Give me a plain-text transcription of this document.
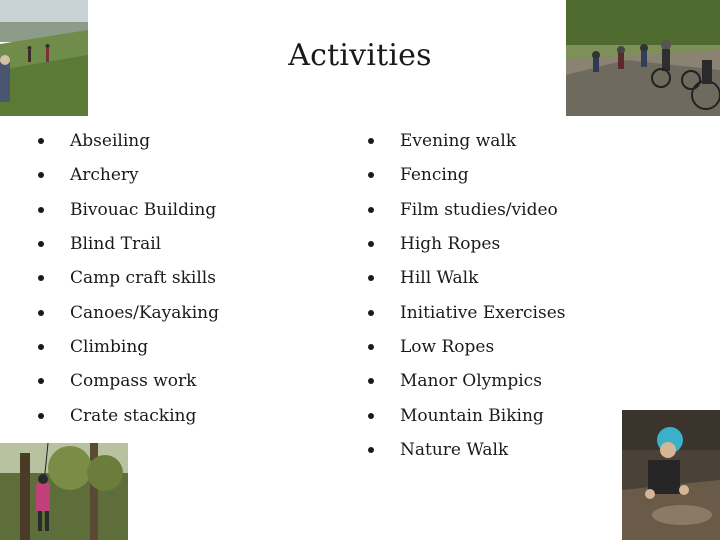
Activities
Abseiling
Archery
Bivouac Building
Blind Trail
Camp craft skills
Canoes/Kayaking
Climbing
Compass work
Crate stacking
Evening walk
Fencing
Film studies/video
High Ropes
Hill Walk
Initiative Exercises
Low Ropes
Manor Olympics
Mountain Biking
Nature Walk
